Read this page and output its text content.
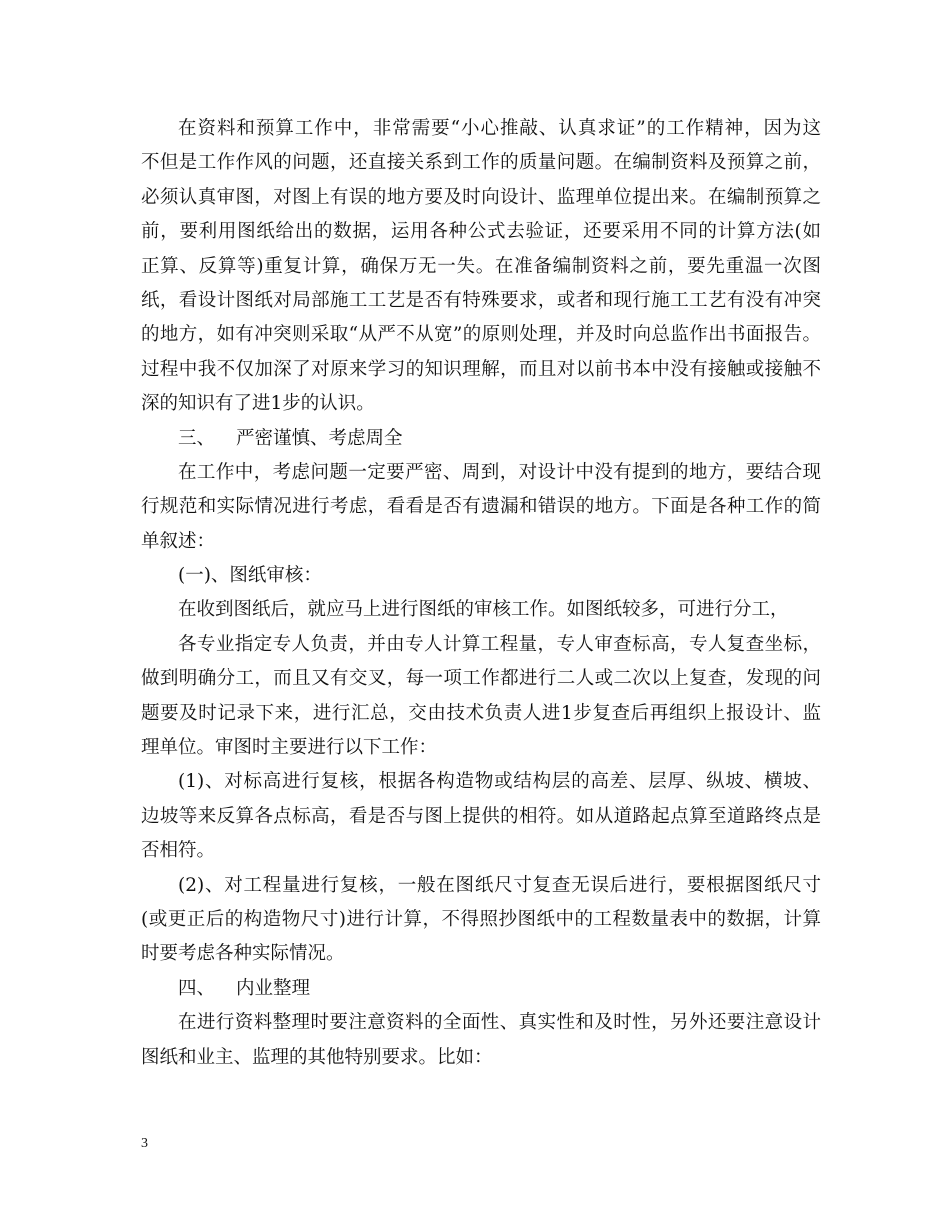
在资料和预算工作中，非常需要“小心推敲、认真求证”的工作精神，因为这
不但是工作作风的问题，还直接关系到工作的质量问题。在编制资料及预算之前，
必须认真审图，对图上有误的地方要及时向设计、监理单位提出来。在编制预算之
前，要利用图纸给出的数据，运用各种公式去验证，还要采用不同的计算方法(如
正算、反算等)重复计算，确保万无一失。在准备编制资料之前，要先重温一次图
纸，看设计图纸对局部施工工艺是否有特殊要求，或者和现行施工工艺有没有冲突
的地方，如有冲突则采取“从严不从宽”的原则处理，并及时向总监作出书面报告。
过程中我不仅加深了对原来学习的知识理解，而且对以前书本中没有接触或接触不
深的知识有了进1步的认识。
三、 严密谨慎、考虑周全
在工作中，考虑问题一定要严密、周到，对设计中没有提到的地方，要结合现
行规范和实际情况进行考虑，看看是否有遗漏和错误的地方。下面是各种工作的简
单叙述：
(一)、图纸审核：
在收到图纸后，就应马上进行图纸的审核工作。如图纸较多，可进行分工，
各专业指定专人负责，并由专人计算工程量，专人审查标高，专人复查坐标，
做到明确分工，而且又有交叉，每一项工作都进行二人或二次以上复查，发现的问
题要及时记录下来，进行汇总，交由技术负责人进1步复查后再组织上报设计、监
理单位。审图时主要进行以下工作：
(1)、对标高进行复核，根据各构造物或结构层的高差、层厚、纵坡、横坡、
边坡等来反算各点标高，看是否与图上提供的相符。如从道路起点算至道路终点是
否相符。
(2)、对工程量进行复核，一般在图纸尺寸复查无误后进行，要根据图纸尺寸
(或更正后的构造物尺寸)进行计算，不得照抄图纸中的工程数量表中的数据，计算
时要考虑各种实际情况。
四、 内业整理
在进行资料整理时要注意资料的全面性、真实性和及时性，另外还要注意设计
图纸和业主、监理的其他特别要求。比如：
3
